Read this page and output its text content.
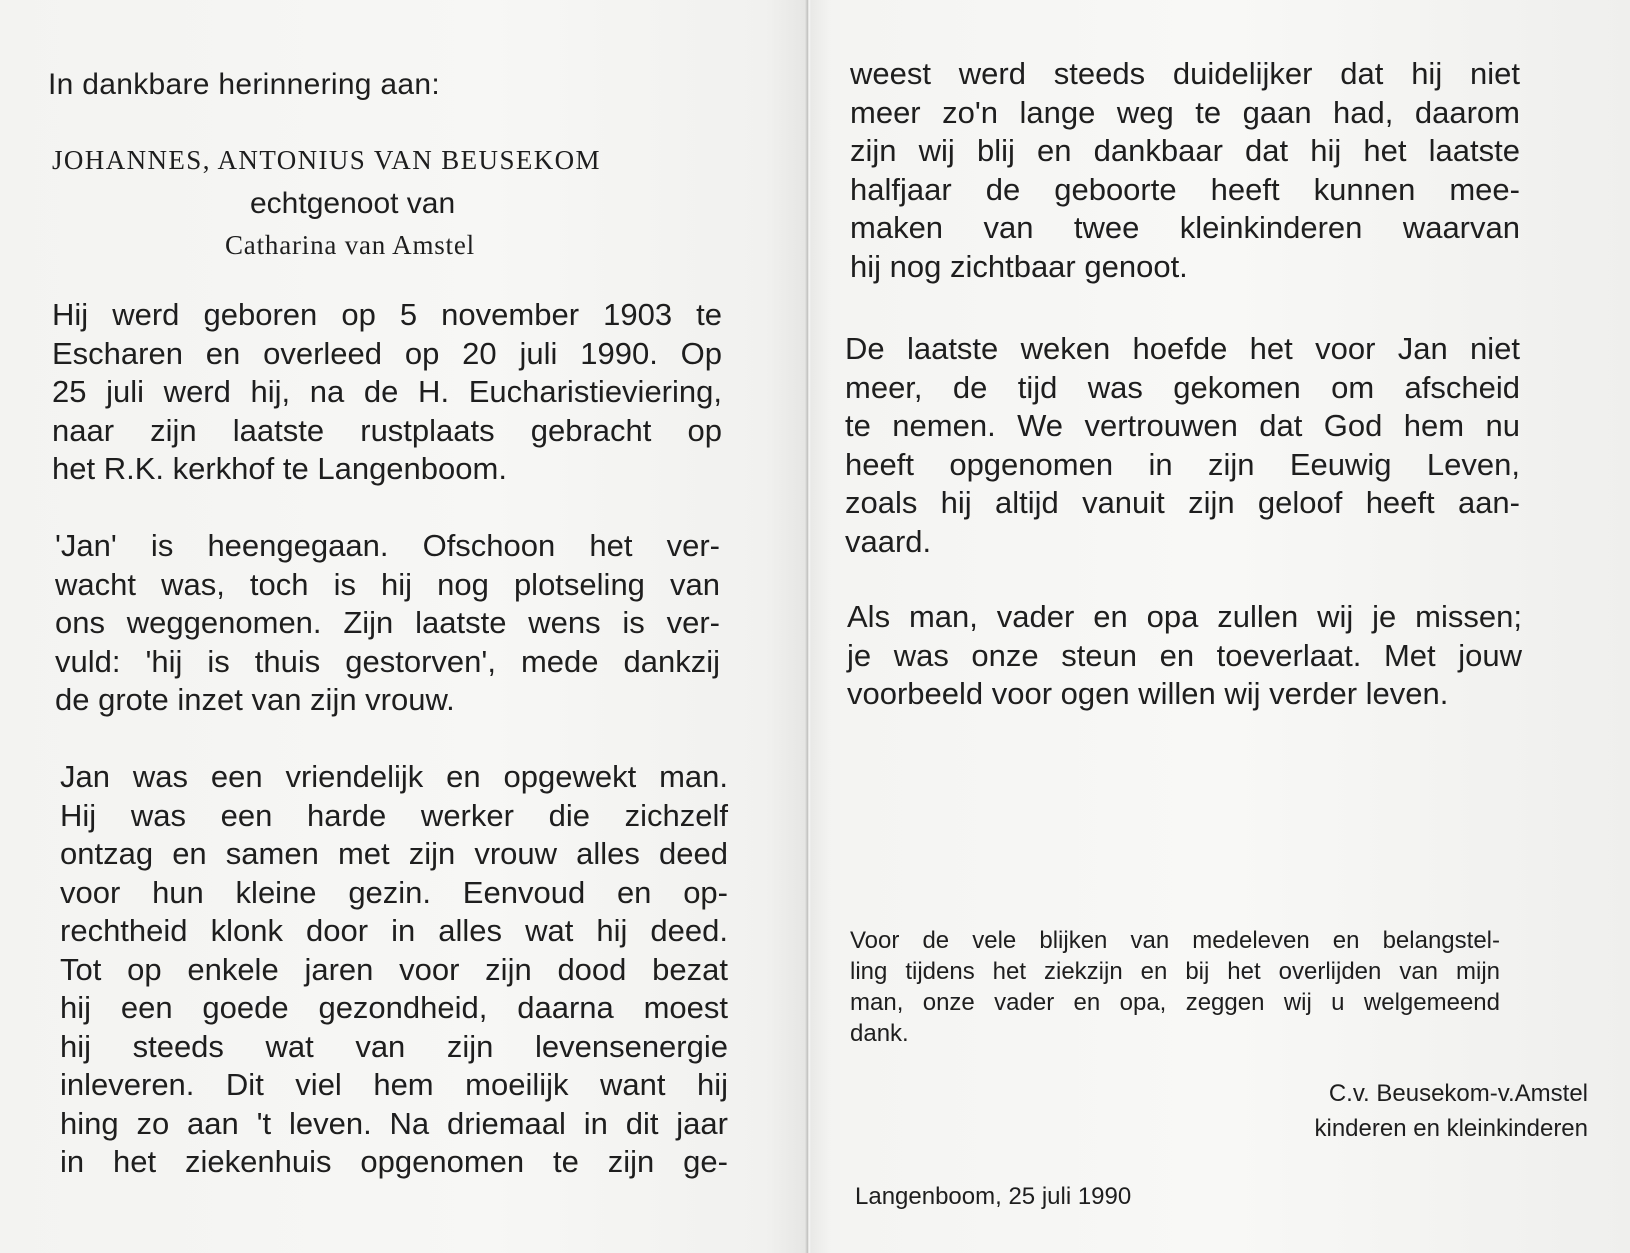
In dankbare herinnering aan:
JOHANNES, ANTONIUS VAN BEUSEKOM
echtgenoot van
Catharina van Amstel
Hij werd geboren op 5 november 1903 te
Escharen en overleed op 20 juli 1990. Op
25 juli werd hij, na de H. Eucharistieviering,
naar zijn laatste rustplaats gebracht op
het R.K. kerkhof te Langenboom.
'Jan' is heengegaan. Ofschoon het ver-
wacht was, toch is hij nog plotseling van
ons weggenomen. Zijn laatste wens is ver-
vuld: 'hij is thuis gestorven', mede dankzij
de grote inzet van zijn vrouw.
Jan was een vriendelijk en opgewekt man.
Hij was een harde werker die zichzelf
ontzag en samen met zijn vrouw alles deed
voor hun kleine gezin. Eenvoud en op-
rechtheid klonk door in alles wat hij deed.
Tot op enkele jaren voor zijn dood bezat
hij een goede gezondheid, daarna moest
hij steeds wat van zijn levensenergie
inleveren. Dit viel hem moeilijk want hij
hing zo aan 't leven. Na driemaal in dit jaar
in het ziekenhuis opgenomen te zijn ge-
weest werd steeds duidelijker dat hij niet
meer zo'n lange weg te gaan had, daarom
zijn wij blij en dankbaar dat hij het laatste
halfjaar de geboorte heeft kunnen mee-
maken van twee kleinkinderen waarvan
hij nog zichtbaar genoot.
De laatste weken hoefde het voor Jan niet
meer, de tijd was gekomen om afscheid
te nemen. We vertrouwen dat God hem nu
heeft opgenomen in zijn Eeuwig Leven,
zoals hij altijd vanuit zijn geloof heeft aan-
vaard.
Als man, vader en opa zullen wij je missen;
je was onze steun en toeverlaat. Met jouw
voorbeeld voor ogen willen wij verder leven.
Voor de vele blijken van medeleven en belangstel-
ling tijdens het ziekzijn en bij het overlijden van mijn
man, onze vader en opa, zeggen wij u welgemeend
dank.
C.v. Beusekom-v.Amstel
kinderen en kleinkinderen
Langenboom, 25 juli 1990
